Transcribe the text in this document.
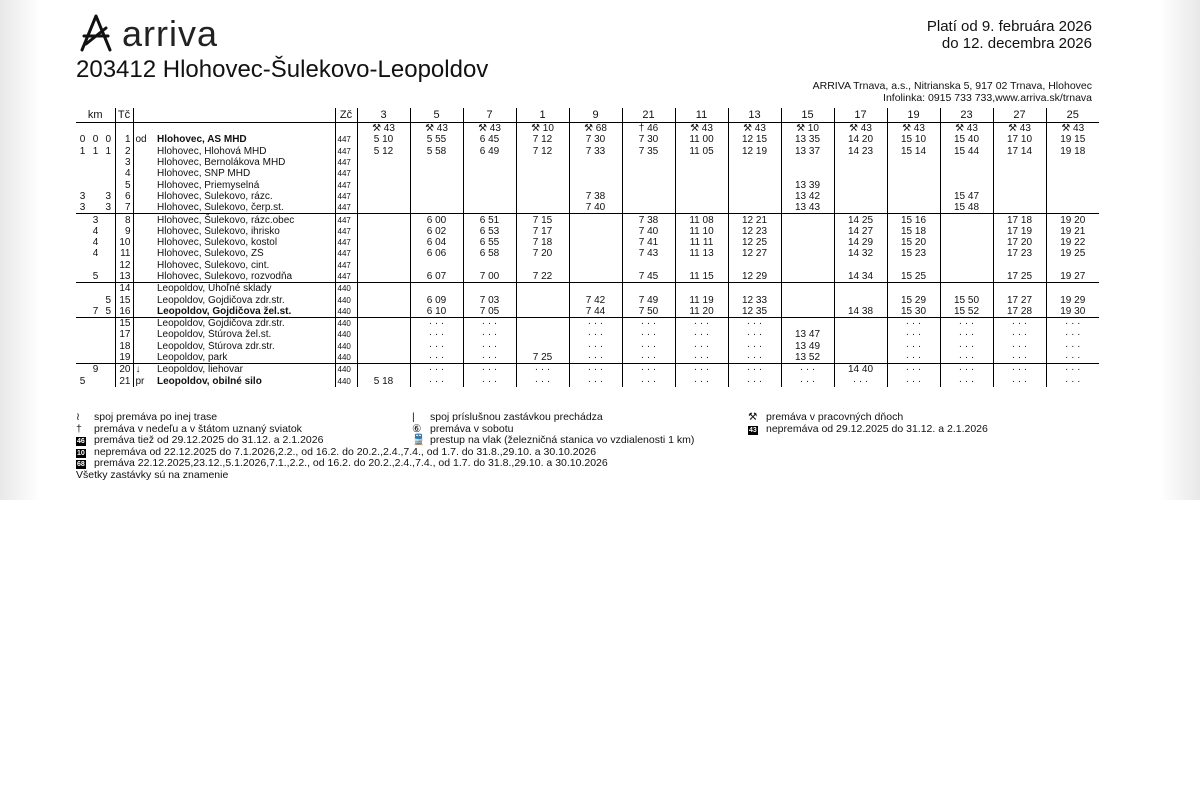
arriva
203412 Hlohovec-Šulekovo-Leopoldov
Platí od 9. februára 2026
do 12. decembra 2026
ARRIVA Trnava, a.s., Nitrianska 5, 917 02 Trnava, Hlohovec
Infolinka: 0915 733 733,www.arriva.sk/trnava
km			Tč			Zč	3	5	7	1	9	21	11	13	15	17	19	23	27	25
							⚒ 43	⚒ 43	⚒ 43	⚒ 10	⚒ 68	† 46	⚒ 43	⚒ 43	⚒ 10	⚒ 43	⚒ 43	⚒ 43	⚒ 43	⚒ 43
0	0	0	1	od	Hlohovec, AS MHD	447	5 10	5 55	6 45	7 12	7 30	7 30	11 00	12 15	13 35	14 20	15 10	15 40	17 10	19 15
1	1	1	2		Hlohovec, Hlohová MHD	447	5 12	5 58	6 49	7 12	7 33	7 35	11 05	12 19	13 37	14 23	15 14	15 44	17 14	19 18
			3		Hlohovec, Bernolákova MHD	447														
			4		Hlohovec, SNP MHD	447														
			5		Hlohovec, Priemyselná	447									13 39					
3		3	6		Hlohovec, Šulekovo, rázc.	447					7 38				13 42			15 47		
3		3	7		Hlohovec, Šulekovo, čerp.st.	447					7 40				13 43			15 48		
	3		8		Hlohovec, Šulekovo, rázc.obec	447		6 00	6 51	7 15		7 38	11 08	12 21		14 25	15 16		17 18	19 20
	4		9		Hlohovec, Šulekovo, ihrisko	447		6 02	6 53	7 17		7 40	11 10	12 23		14 27	15 18		17 19	19 21
	4		10		Hlohovec, Šulekovo, kostol	447		6 04	6 55	7 18		7 41	11 11	12 25		14 29	15 20		17 20	19 22
	4		11		Hlohovec, Šulekovo, ZŠ	447		6 06	6 58	7 20		7 43	11 13	12 27		14 32	15 23		17 23	19 25
			12		Hlohovec, Šulekovo, cint.	447														
	5		13		Hlohovec, Šulekovo, rozvodňa	447		6 07	7 00	7 22		7 45	11 15	12 29		14 34	15 25		17 25	19 27
			14		Leopoldov, Uhoľné sklady	440														
		5	15		Leopoldov, Gojdičova zdr.str.	440		6 09	7 03		7 42	7 49	11 19	12 33			15 29	15 50	17 27	19 29
	7	5	16		Leopoldov, Gojdičova žel.st.	440		6 10	7 05		7 44	7 50	11 20	12 35		14 38	15 30	15 52	17 28	19 30
			15		Leopoldov, Gojdičova zdr.str.	440		· · ·	· · ·		· · ·	· · ·	· · ·	· · ·			· · ·	· · ·	· · ·	· · ·
			17		Leopoldov, Štúrova žel.st.	440		· · ·	· · ·		· · ·	· · ·	· · ·	· · ·	13 47		· · ·	· · ·	· · ·	· · ·
			18		Leopoldov, Štúrova zdr.str.	440		· · ·	· · ·		· · ·	· · ·	· · ·	· · ·	13 49		· · ·	· · ·	· · ·	· · ·
			19		Leopoldov, park	440		· · ·	· · ·	7 25	· · ·	· · ·	· · ·	· · ·	13 52		· · ·	· · ·	· · ·	· · ·
	9		20	↓	Leopoldov, liehovar	440		· · ·	· · ·	· · ·	· · ·	· · ·	· · ·	· · ·	· · ·	14 40	· · ·	· · ·	· · ·	· · ·
5			21	pr	Leopoldov, obilné silo	440	5 18	· · ·	· · ·	· · ·	· · ·	· · ·	· · ·	· · ·	· · ·	· · ·	· · ·	· · ·	· · ·	· · ·
≀ spoj premáva po inej trase	| spoj príslušnou zastávkou prechádza	⚒ premáva v pracovných dňoch
† premáva v nedeľu a v štátom uznaný sviatok	⑥ premáva v sobotu	43 nepremáva od 29.12.2025 do 31.12. a 2.1.2026
46 premáva tiež od 29.12.2025 do 31.12. a 2.1.2026	🚆 prestup na vlak (železničná stanica vo vzdialenosti 1 km)
10 nepremáva od 22.12.2025 do 7.1.2026,2.2., od 16.2. do 20.2.,2.4.,7.4., od 1.7. do 31.8.,29.10. a 30.10.2026
68 premáva 22.12.2025,23.12.,5.1.2026,7.1.,2.2., od 16.2. do 20.2.,2.4.,7.4., od 1.7. do 31.8.,29.10. a 30.10.2026
Všetky zastávky sú na znamenie
